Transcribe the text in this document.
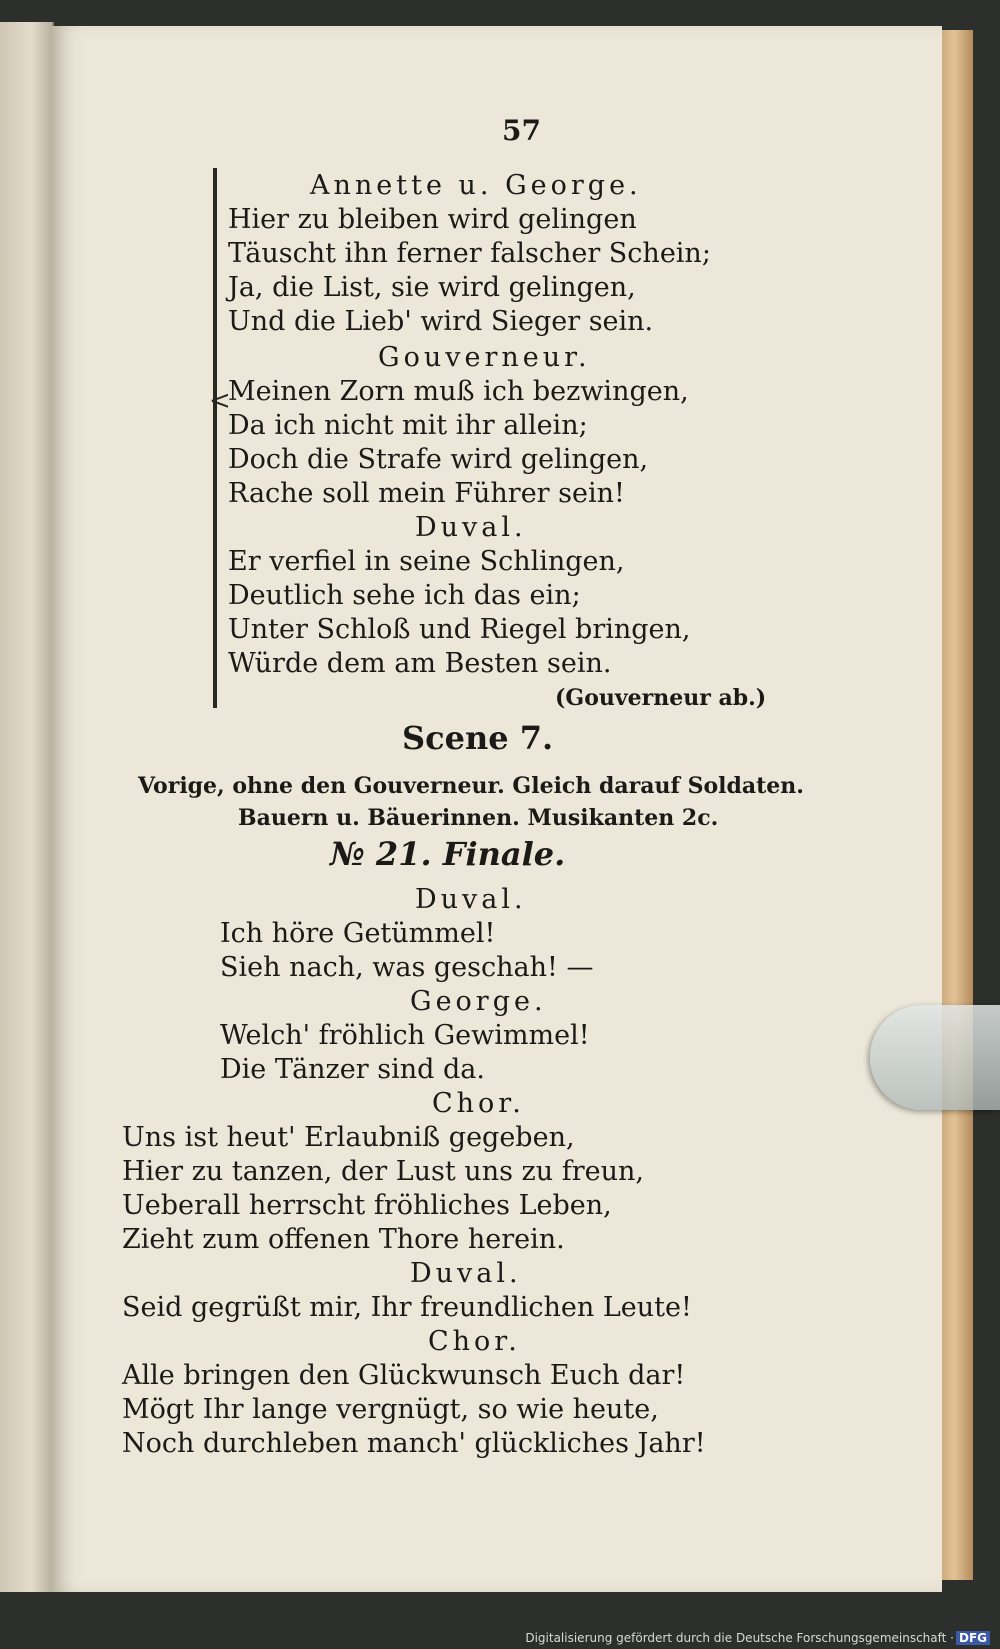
57
<
Annette u. George.
Hier zu bleiben wird gelingen
Täuscht ihn ferner falscher Schein;
Ja, die List, sie wird gelingen,
Und die Lieb' wird Sieger sein.
Gouverneur.
Meinen Zorn muß ich bezwingen,
Da ich nicht mit ihr allein;
Doch die Strafe wird gelingen,
Rache soll mein Führer sein!
Duval.
Er verfiel in seine Schlingen,
Deutlich sehe ich das ein;
Unter Schloß und Riegel bringen,
Würde dem am Besten sein.
(Gouverneur ab.)
Scene 7.
Vorige, ohne den Gouverneur. Gleich darauf Soldaten.
Bauern u. Bäuerinnen. Musikanten 2c.
№ 21. Finale.
Duval.
Ich höre Getümmel!
Sieh nach, was geschah! —
George.
Welch' fröhlich Gewimmel!
Die Tänzer sind da.
Chor.
Uns ist heut' Erlaubniß gegeben,
Hier zu tanzen, der Lust uns zu freun,
Ueberall herrscht fröhliches Leben,
Zieht zum offenen Thore herein.
Duval.
Seid gegrüßt mir, Ihr freundlichen Leute!
Chor.
Alle bringen den Glückwunsch Euch dar!
Mögt Ihr lange vergnügt, so wie heute,
Noch durchleben manch' glückliches Jahr!
Digitalisierung gefördert durch die Deutsche Forschungsgemeinschaft · DFG
